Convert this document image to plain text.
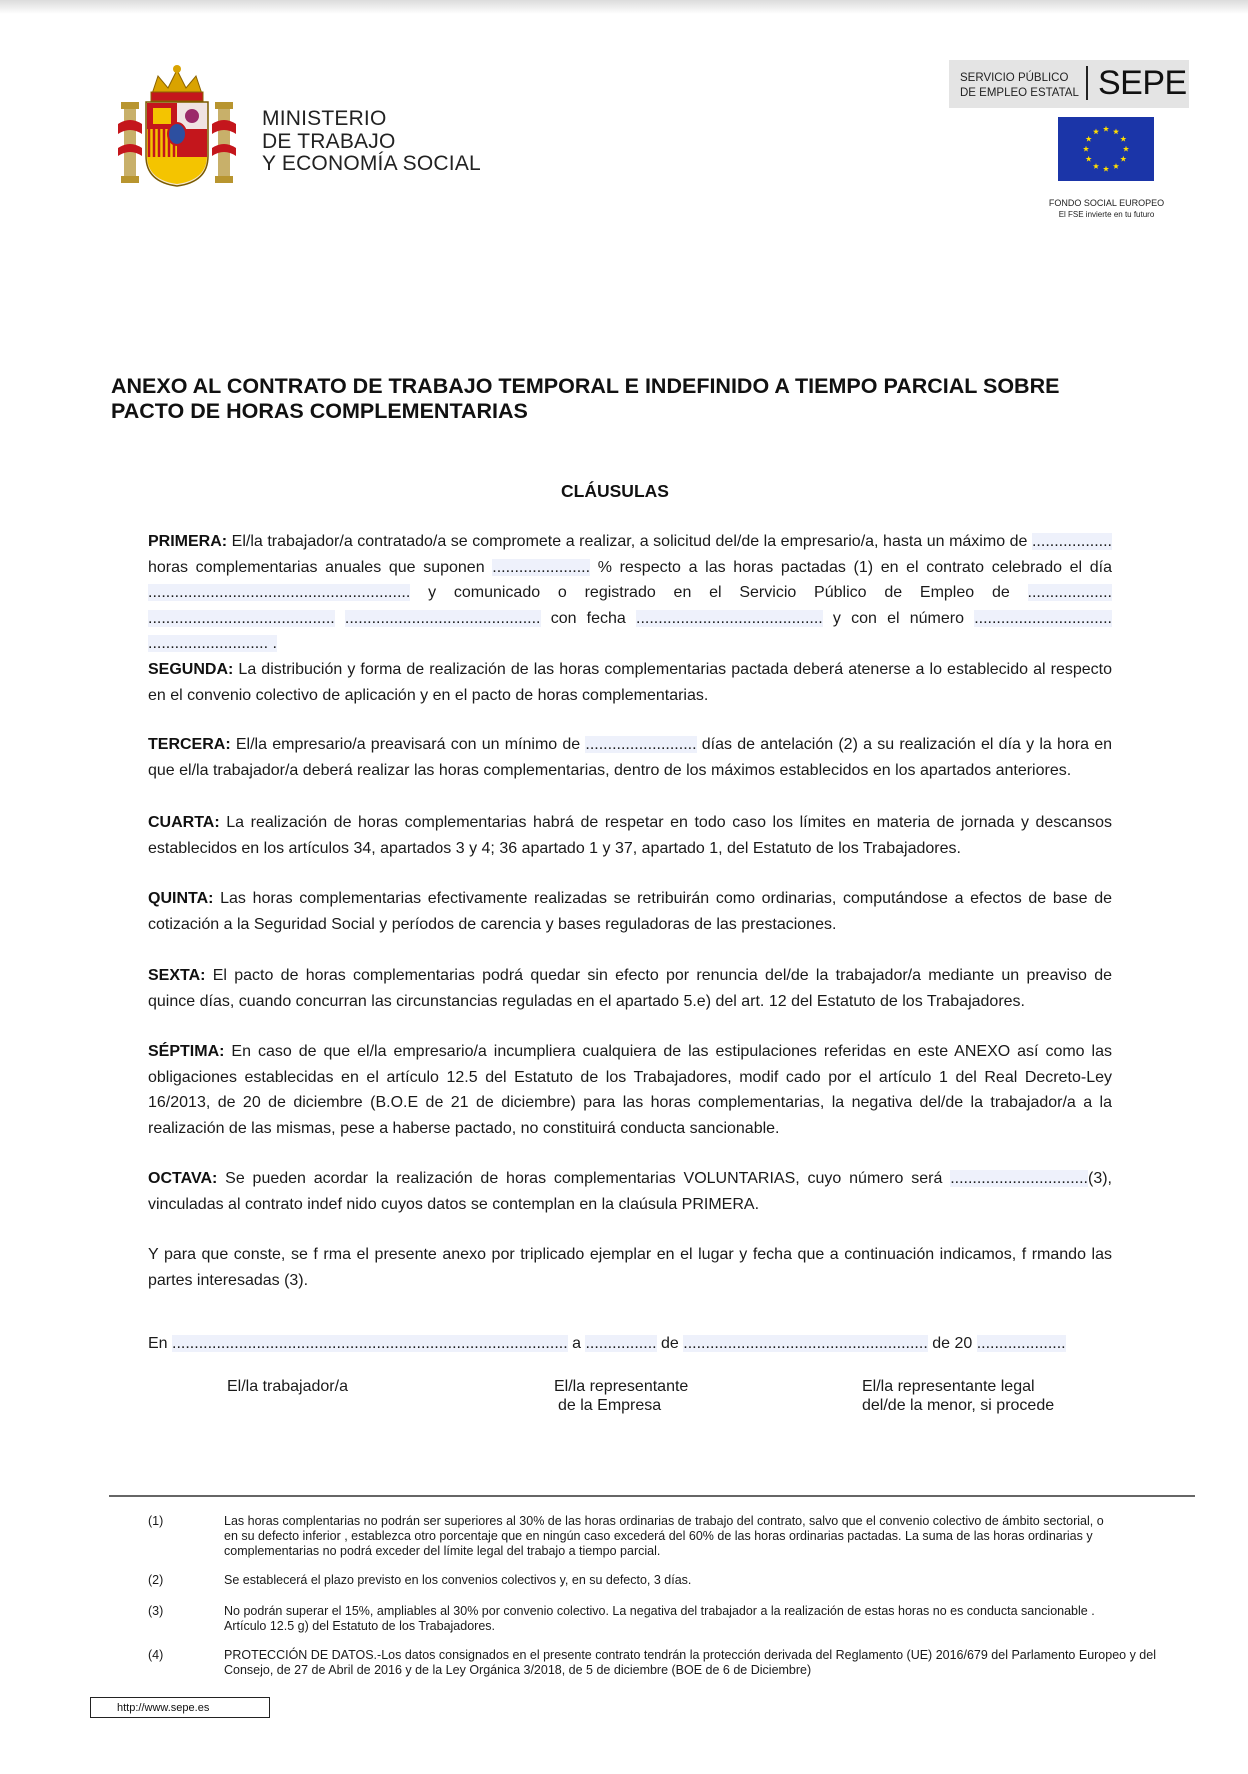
MINISTERIO
DE TRABAJO
Y ECONOMÍA SOCIAL
SERVICIO PÚBLICO
DE EMPLEO ESTATAL SEPE
FONDO SOCIAL EUROPEO
El FSE invierte en tu futuro
ANEXO AL CONTRATO DE TRABAJO TEMPORAL E INDEFINIDO A TIEMPO PARCIAL SOBRE
PACTO DE HORAS COMPLEMENTARIAS
CLÁUSULAS
PRIMERA: El/la trabajador/a contratado/a se compromete a realizar, a solicitud del/de la empresario/a, hasta un máximo de .................. horas complementarias anuales que suponen ...................... % respecto a las horas pactadas (1) en el contrato celebrado el día ........................................................... y comunicado o registrado en el Servicio Público de Empleo de ................... .......................................... ............................................ con fecha .......................................... y con el número ............................... ........................... .
SEGUNDA: La distribución y forma de realización de las horas complementarias pactada deberá atenerse a lo establecido al respecto en el convenio colectivo de aplicación y en el pacto de horas complementarias.
TERCERA: El/la empresario/a preavisará con un mínimo de ......................... días de antelación (2) a su realización el día y la hora en que el/la trabajador/a deberá realizar las horas complementarias, dentro de los máximos establecidos en los apartados anteriores.
CUARTA: La realización de horas complementarias habrá de respetar en todo caso los límites en materia de jornada y descansos establecidos en los artículos 34, apartados 3 y 4; 36 apartado 1 y 37, apartado 1, del Estatuto de los Trabajadores.
QUINTA: Las horas complementarias efectivamente realizadas se retribuirán como ordinarias, computándose a efectos de base de cotización a la Seguridad Social y períodos de carencia y bases reguladoras de las prestaciones.
SEXTA: El pacto de horas complementarias podrá quedar sin efecto por renuncia del/de la trabajador/a mediante un preaviso de quince días, cuando concurran las circunstancias reguladas en el apartado 5.e) del art. 12 del Estatuto de los Trabajadores.
SÉPTIMA: En caso de que el/la empresario/a incumpliera cualquiera de las estipulaciones referidas en este ANEXO así como las obligaciones establecidas en el artículo 12.5 del Estatuto de los Trabajadores, modif cado por el artículo 1 del Real Decreto-Ley 16/2013, de 20 de diciembre (B.O.E de 21 de diciembre) para las horas complementarias, la negativa del/de la trabajador/a a la realización de las mismas, pese a haberse pactado, no constituirá conducta sancionable.
OCTAVA: Se pueden acordar la realización de horas complementarias VOLUNTARIAS, cuyo número será ...............................(3), vinculadas al contrato indef nido cuyos datos se contemplan en la claúsula PRIMERA.
Y para que conste, se f rma el presente anexo por triplicado ejemplar en el lugar y fecha que a continuación indicamos, f rmando las partes interesadas (3).
En ......................................................................................... a ................ de ....................................................... de 20 ....................
El/la trabajador/a	El/la representante
de la Empresa
El/la representante legal
del/de la menor, si procede
(1)	Las horas complentarias no podrán ser superiores al 30% de las horas ordinarias de trabajo del contrato, salvo que el convenio colectivo de ámbito sectorial, o en su defecto inferior , establezca otro porcentaje que en ningún caso excederá del 60% de las horas ordinarias pactadas. La suma de las horas ordinarias y complementarias no podrá exceder del límite legal del trabajo a tiempo parcial.
(2)	Se establecerá el plazo previsto en los convenios colectivos y, en su defecto, 3 días.
(3)	No podrán superar el 15%, ampliables al 30% por convenio colectivo. La negativa del trabajador a la realización de estas horas no es conducta sancionable . Artículo 12.5 g) del Estatuto de los Trabajadores.
(4)	PROTECCIÓN DE DATOS.-Los datos consignados en el presente contrato tendrán la protección derivada del Reglamento (UE) 2016/679 del Parlamento Europeo y del Consejo, de 27 de Abril de 2016 y de la Ley Orgánica 3/2018, de 5 de diciembre (BOE de 6 de Diciembre)
http://www.sepe.es
